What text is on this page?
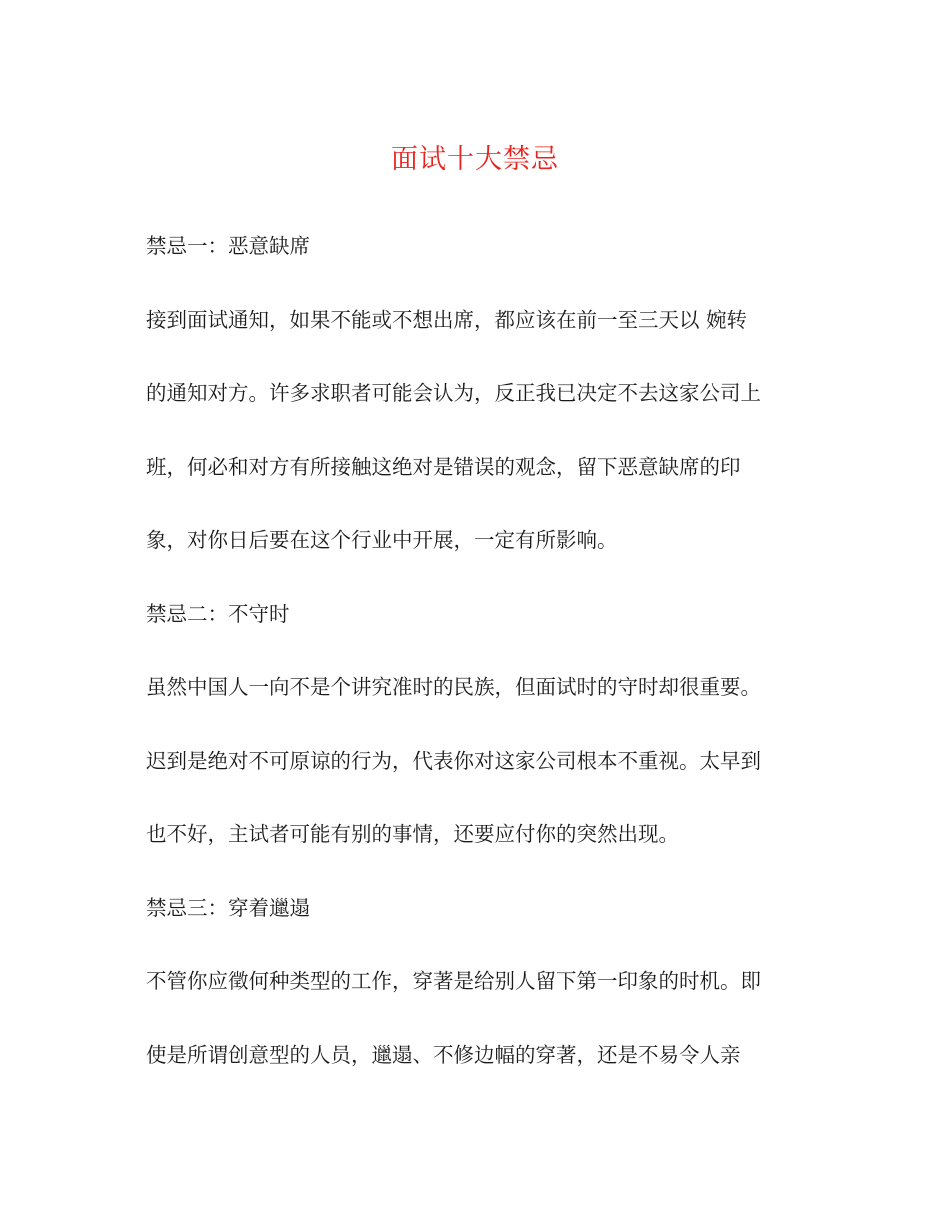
面试十大禁忌
禁忌一：恶意缺席
接到面试通知，如果不能或不想出席，都应该在前一至三天以 婉转
的通知对方。许多求职者可能会认为，反正我已决定不去这家公司上
班，何必和对方有所接触这绝对是错误的观念，留下恶意缺席的印
象，对你日后要在这个行业中开展，一定有所影响。
禁忌二：不守时
虽然中国人一向不是个讲究准时的民族，但面试时的守时却很重要。
迟到是绝对不可原谅的行为，代表你对这家公司根本不重视。太早到
也不好，主试者可能有别的事情，还要应付你的突然出现。
禁忌三：穿着邋遢
不管你应徵何种类型的工作，穿著是给别人留下第一印象的时机。即
使是所谓创意型的人员，邋遢、不修边幅的穿著，还是不易令人亲
